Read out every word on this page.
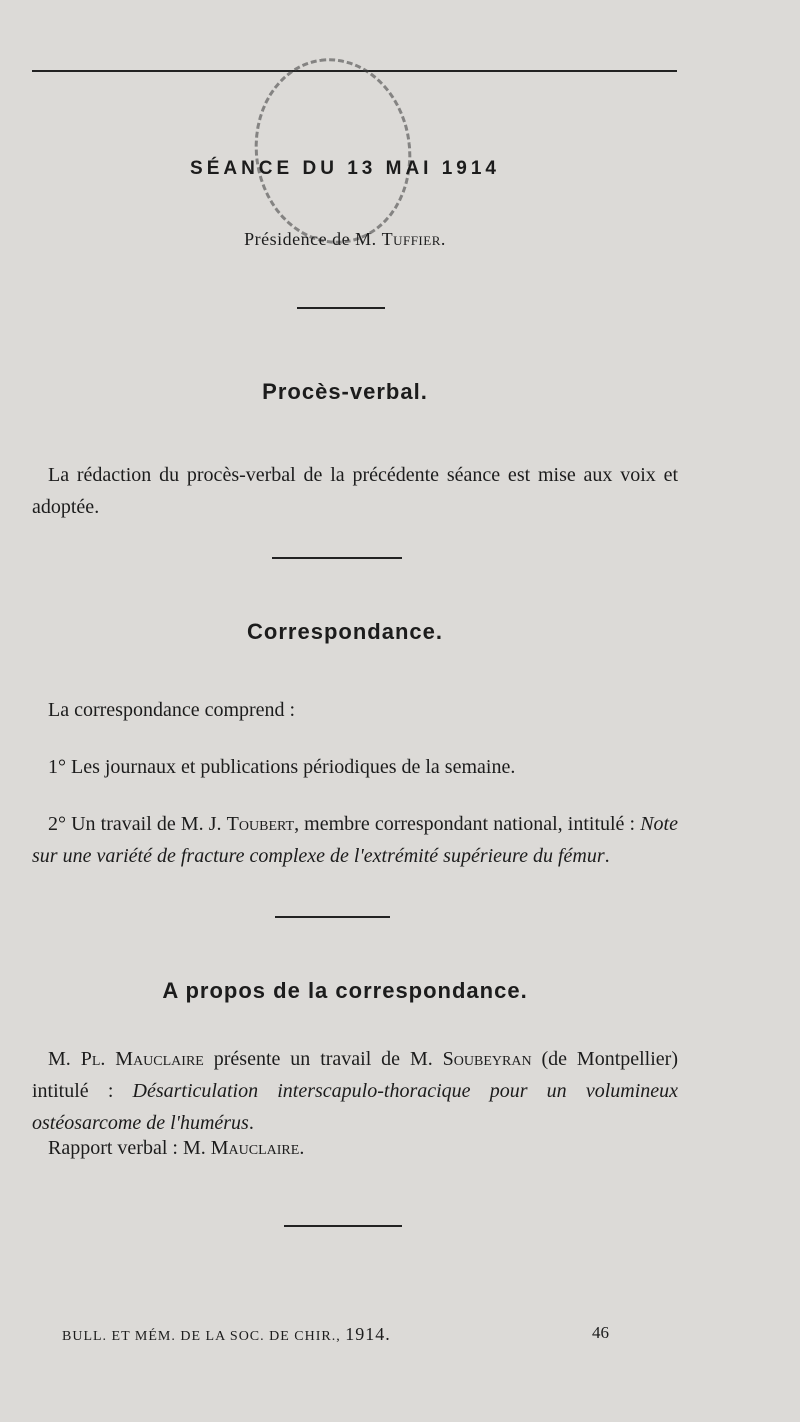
SÉANCE DU 13 MAI 1914
Présidence de M. Tuffier.
Procès-verbal.
La rédaction du procès-verbal de la précédente séance est mise aux voix et adoptée.
Correspondance.
La correspondance comprend :
1° Les journaux et publications périodiques de la semaine.
2° Un travail de M. J. Toubert, membre correspondant national, intitulé : Note sur une variété de fracture complexe de l'extrémité supérieure du fémur.
A propos de la correspondance.
M. Pl. Mauclaire présente un travail de M. Soubeyran (de Montpellier) intitulé : Désarticulation interscapulo-thoracique pour un volumineux ostéosarcome de l'humérus.
Rapport verbal : M. Mauclaire.
BULL. ET MÉM. DE LA SOC. DE CHIR., 1914.	46
